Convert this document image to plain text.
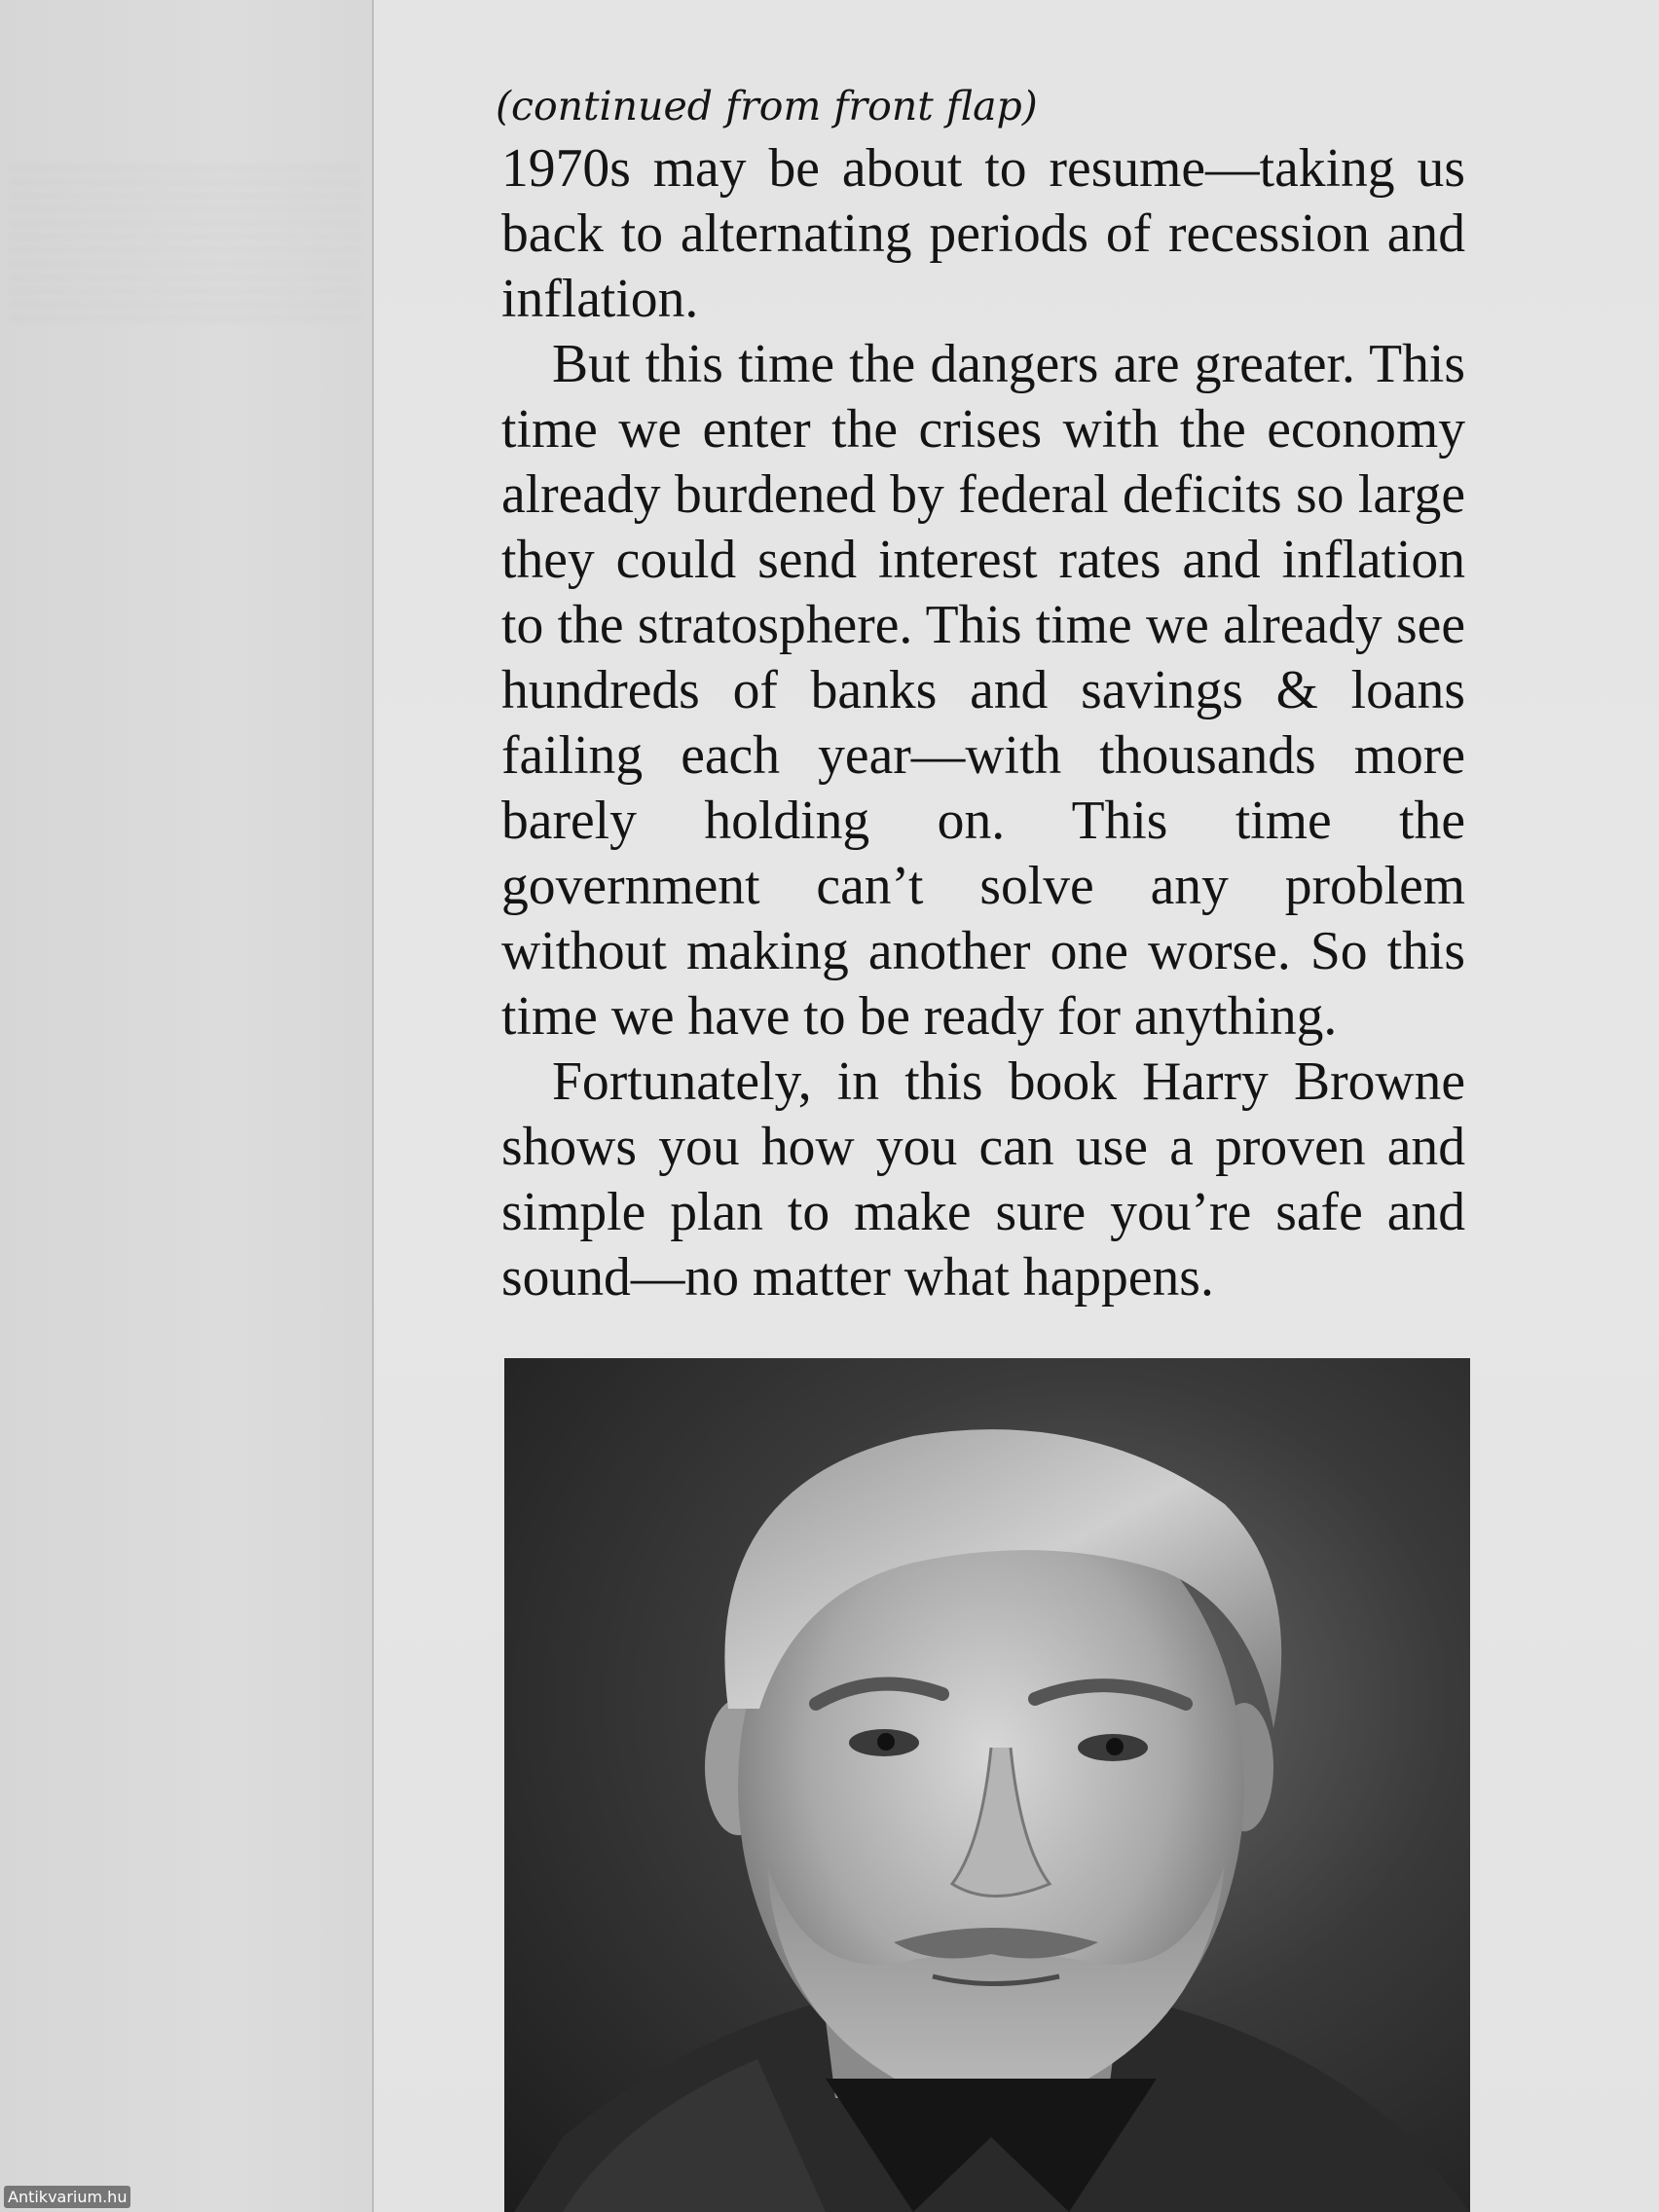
(continued from front flap)

1970s may be about to resume—taking us back to alternating periods of recession and inflation.

But this time the dangers are greater. This time we enter the crises with the economy already burdened by federal deficits so large they could send interest rates and inflation to the stratosphere. This time we already see hundreds of banks and savings & loans failing each year—with thousands more barely holding on. This time the government can’t solve any problem without making another one worse. So this time we have to be ready for anything.

Fortunately, in this book Harry Browne shows you how you can use a proven and simple plan to make sure you’re safe and sound—no matter what happens.

Antikvarium.hu
